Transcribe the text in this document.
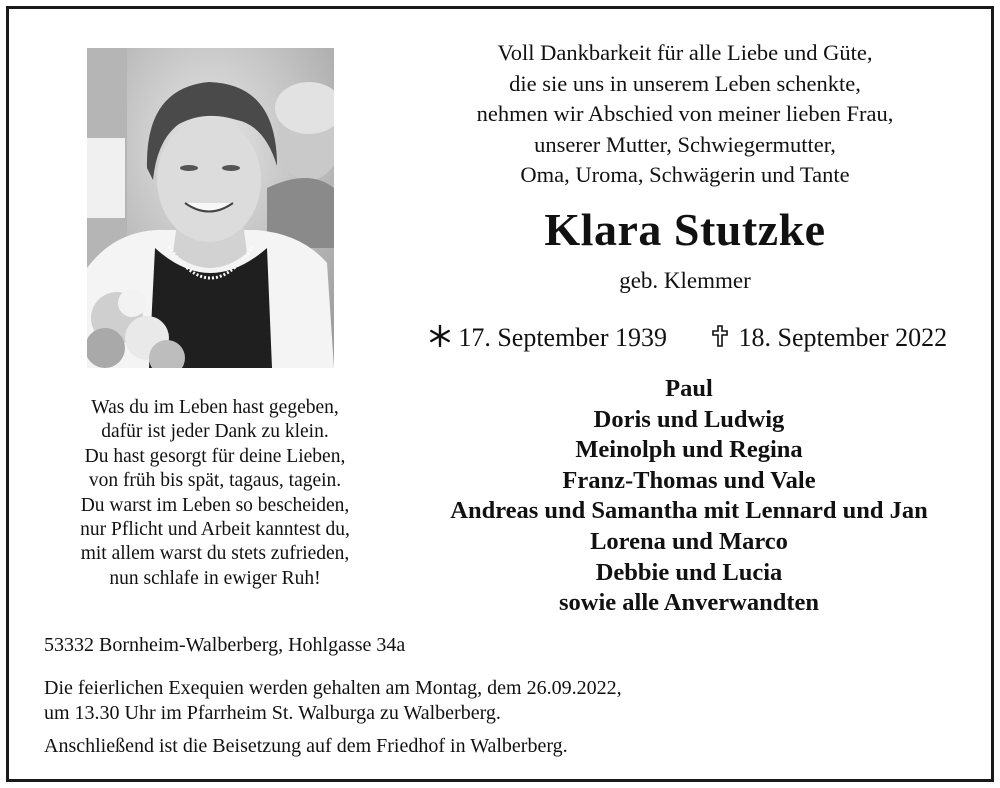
Voll Dankbarkeit für alle Liebe und Güte,
die sie uns in unserem Leben schenkte,
nehmen wir Abschied von meiner lieben Frau,
unserer Mutter, Schwiegermutter,
Oma, Uroma, Schwägerin und Tante
Klara Stutzke
geb. Klemmer
17. September 1939	18. September 2022
Was du im Leben hast gegeben,
dafür ist jeder Dank zu klein.
Du hast gesorgt für deine Lieben,
von früh bis spät, tagaus, tagein.
Du warst im Leben so bescheiden,
nur Pflicht und Arbeit kanntest du,
mit allem warst du stets zufrieden,
nun schlafe in ewiger Ruh!
Paul
Doris und Ludwig
Meinolph und Regina
Franz-Thomas und Vale
Andreas und Samantha mit Lennard und Jan
Lorena und Marco
Debbie und Lucia
sowie alle Anverwandten
53332 Bornheim-Walberberg, Hohlgasse 34a
Die feierlichen Exequien werden gehalten am Montag, dem 26.09.2022,
um 13.30 Uhr im Pfarrheim St. Walburga zu Walberberg.
Anschließend ist die Beisetzung auf dem Friedhof in Walberberg.
